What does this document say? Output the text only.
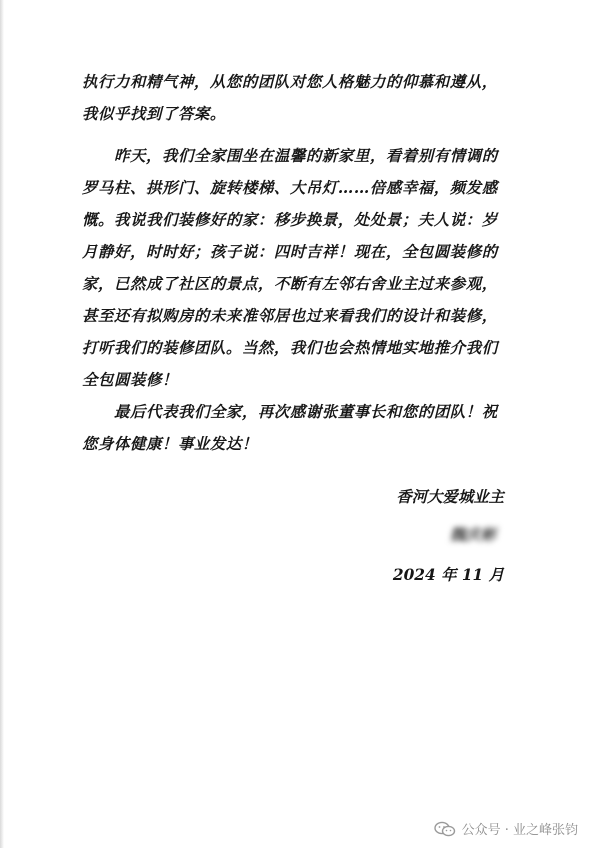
执行力和精气神，从您的团队对您人格魅力的仰慕和遵从，
我似乎找到了答案。
昨天，我们全家围坐在温馨的新家里，看着别有情调的
罗马柱、拱形门、旋转楼梯、大吊灯……倍感幸福，频发感
慨。我说我们装修好的家：移步换景，处处景；夫人说：岁
月静好，时时好；孩子说：四时吉祥！现在，全包圆装修的
家，已然成了社区的景点，不断有左邻右舍业主过来参观，
甚至还有拟购房的未来准邻居也过来看我们的设计和装修，
打听我们的装修团队。当然，我们也会热情地实地推介我们
全包圆装修！
最后代表我们全家，再次感谢张董事长和您的团队！祝
您身体健康！事业发达！
香河大爱城业主
魏庆彬
2024 年 11 月
公众号 · 业之峰张钧
